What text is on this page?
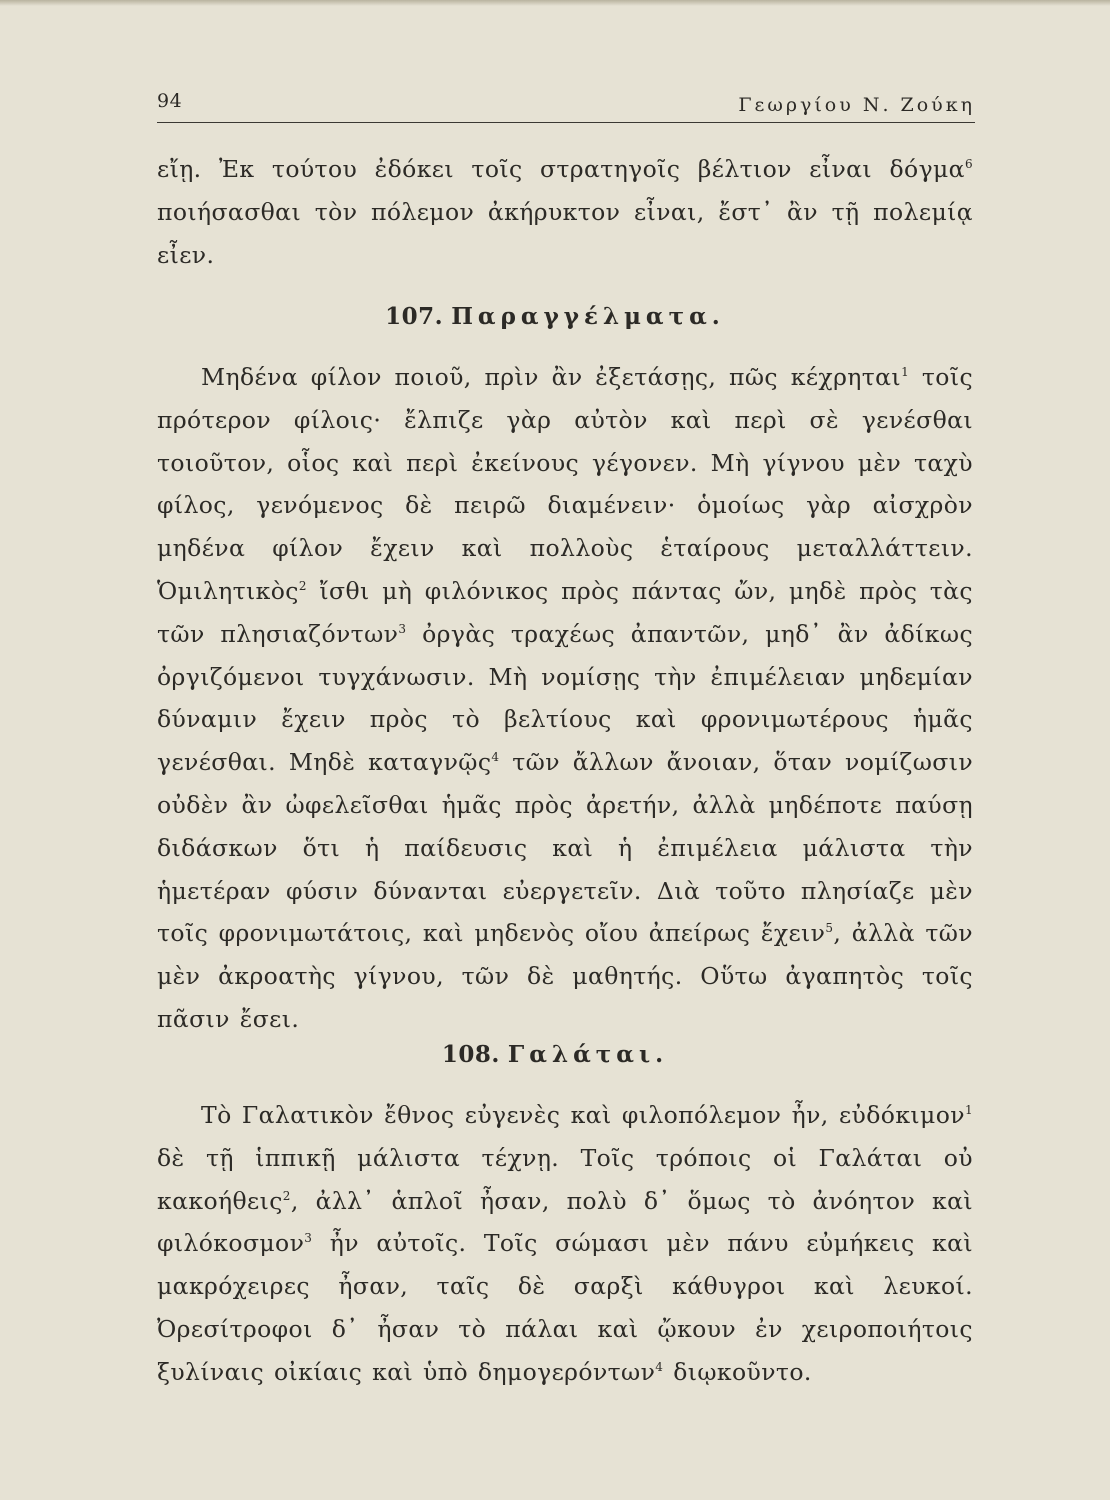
94	Γεωργίου Ν. Ζούκη

εἴῃ. Ἐκ τούτου ἐδόκει τοῖς στρατηγοῖς βέλτιον εἶναι δόγμα$^6$ ποιήσασθαι τὸν πόλεμον ἀκήρυκτον εἶναι, ἔστ᾽ ἂν τῇ πολεμίᾳ εἶεν.

107. Παραγγέλματα.

Μηδένα φίλον ποιοῦ, πρὶν ἂν ἐξετάσῃς, πῶς κέχρηται$^1$ τοῖς πρότερον φίλοις· ἔλπιζε γὰρ αὐτὸν καὶ περὶ σὲ γενέσθαι τοιοῦτον, οἷος καὶ περὶ ἐκείνους γέγονεν. Μὴ γίγνου μὲν ταχὺ φίλος, γενόμενος δὲ πειρῶ διαμένειν· ὁμοίως γὰρ αἰσχρὸν μηδένα φίλον ἔχειν καὶ πολλοὺς ἑταίρους μεταλλάττειν. Ὁμιλητικὸς$^2$ ἴσθι μὴ φιλόνικος πρὸς πάντας ὤν, μηδὲ πρὸς τὰς τῶν πλησιαζόντων$^3$ ὀργὰς τραχέως ἀπαντῶν, μηδ᾽ ἂν ἀδίκως ὀργιζόμενοι τυγχάνωσιν. Μὴ νομίσῃς τὴν ἐπιμέλειαν μηδεμίαν δύναμιν ἔχειν πρὸς τὸ βελτίους καὶ φρονιμωτέρους ἡμᾶς γενέσθαι. Μηδὲ καταγνῷς$^4$ τῶν ἄλλων ἄνοιαν, ὅταν νομίζωσιν οὐδὲν ἂν ὠφελεῖσθαι ἡμᾶς πρὸς ἀρετήν, ἀλλὰ μηδέποτε παύσῃ διδάσκων ὅτι ἡ παίδευσις καὶ ἡ ἐπιμέλεια μάλιστα τὴν ἡμετέραν φύσιν δύνανται εὐεργετεῖν. Διὰ τοῦτο πλησίαζε μὲν τοῖς φρονιμωτάτοις, καὶ μηδενὸς οἴου ἀπείρως ἔχειν$^5$, ἀλλὰ τῶν μὲν ἀκροατὴς γίγνου, τῶν δὲ μαθητής. Οὕτω ἀγαπητὸς τοῖς πᾶσιν ἔσει.

108. Γαλάται.

Τὸ Γαλατικὸν ἔθνος εὐγενὲς καὶ φιλοπόλεμον ἦν, εὐδόκιμον$^1$ δὲ τῇ ἱππικῇ μάλιστα τέχνῃ. Τοῖς τρόποις οἱ Γαλάται οὐ κακοήθεις$^2$, ἀλλ᾽ ἁπλοῖ ἦσαν, πολὺ δ᾽ ὅμως τὸ ἀνόητον καὶ φιλόκοσμον$^3$ ἦν αὐτοῖς. Τοῖς σώμασι μὲν πάνυ εὐμήκεις καὶ μακρόχειρες ἦσαν, ταῖς δὲ σαρξὶ κάθυγροι καὶ λευκοί. Ὀρεσίτροφοι δ᾽ ἦσαν τὸ πάλαι καὶ ᾤκουν ἐν χειροποιήτοις ξυλίναις οἰκίαις καὶ ὑπὸ δημογερόντων$^4$ διῳκοῦντο.
